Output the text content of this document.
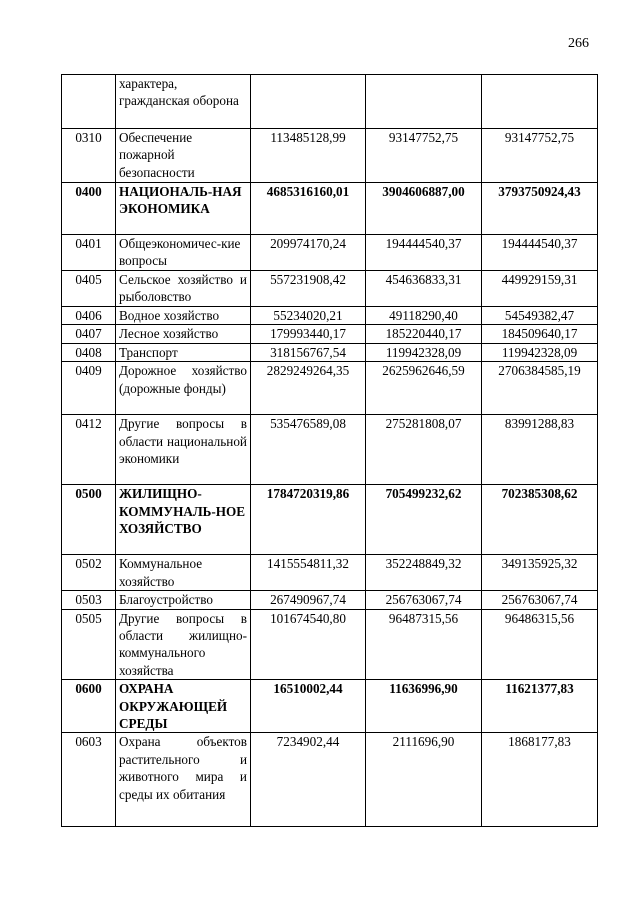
266
	характера, гражданская оборона			
0310	Обеспечение пожарной безопасности	113485128,99	93147752,75	93147752,75
0400	НАЦИОНАЛЬ-НАЯ ЭКОНОМИКА	4685316160,01	3904606887,00	3793750924,43
0401	Общеэкономичес-кие вопросы	209974170,24	194444540,37	194444540,37
0405	Сельское хозяйство и рыболовство	557231908,42	454636833,31	449929159,31
0406	Водное хозяйство	55234020,21	49118290,40	54549382,47
0407	Лесное хозяйство	179993440,17	185220440,17	184509640,17
0408	Транспорт	318156767,54	119942328,09	119942328,09
0409	Дорожное хозяйство (дорожные фонды)	2829249264,35	2625962646,59	2706384585,19
0412	Другие вопросы в области национальной экономики	535476589,08	275281808,07	83991288,83
0500	ЖИЛИЩНО-КОММУНАЛЬ-НОЕ ХОЗЯЙСТВО	1784720319,86	705499232,62	702385308,62
0502	Коммунальное хозяйство	1415554811,32	352248849,32	349135925,32
0503	Благоустройство	267490967,74	256763067,74	256763067,74
0505	Другие вопросы в области жилищно-коммунального хозяйства	101674540,80	96487315,56	96486315,56
0600	ОХРАНА ОКРУЖАЮЩЕЙ СРЕДЫ	16510002,44	11636996,90	11621377,83
0603	Охрана объектов растительного и животного мира и среды их обитания	7234902,44	2111696,90	1868177,83
